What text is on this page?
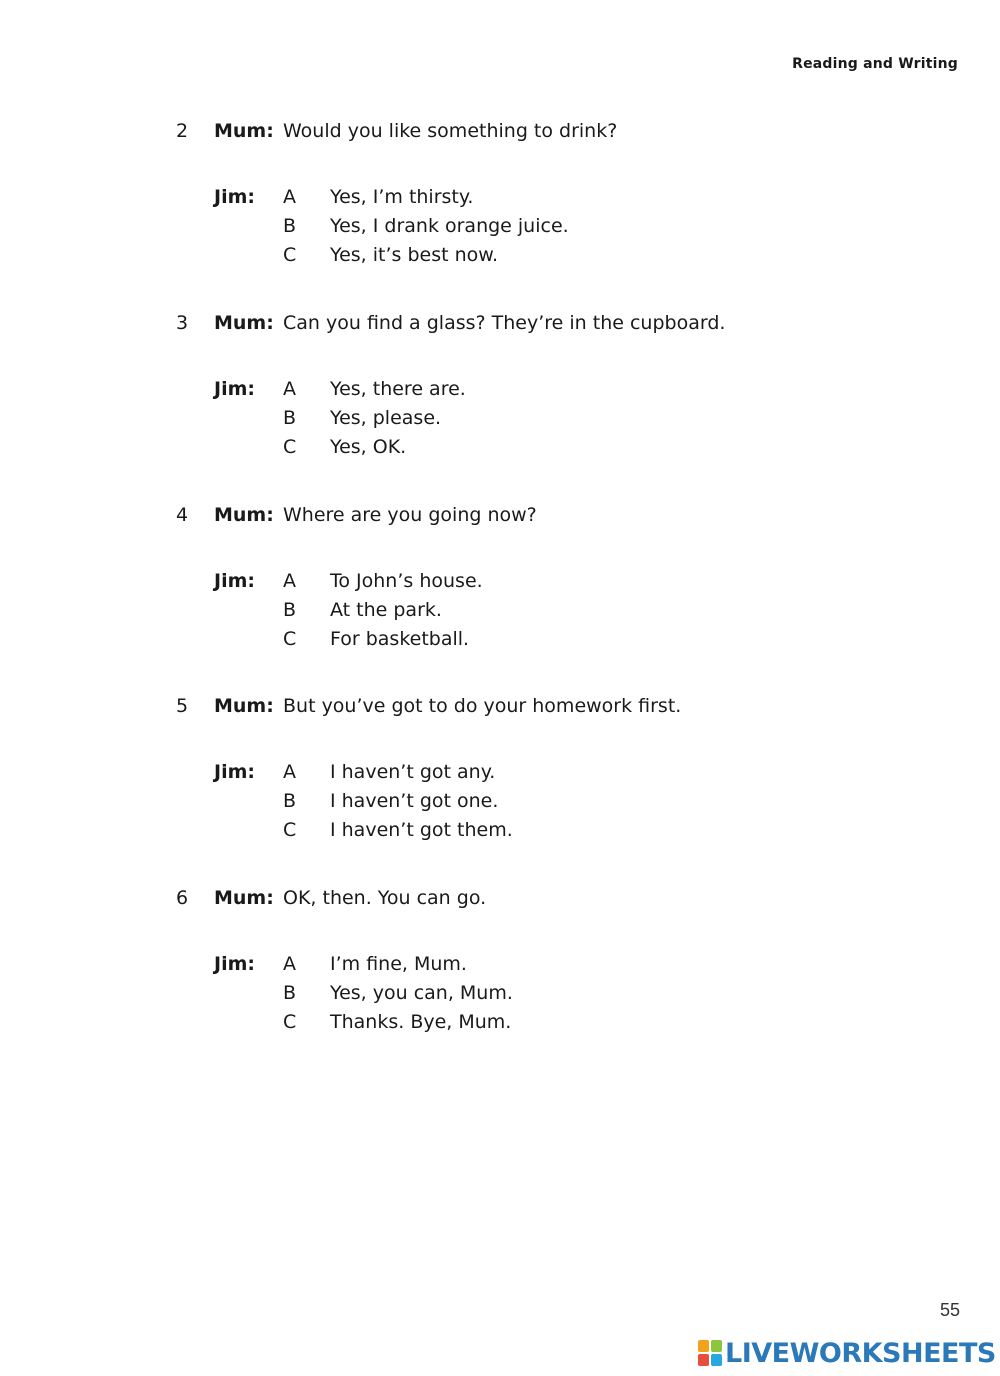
Reading and Writing
2 Mum: Would you like something to drink?
Jim: A Yes, I’m thirsty.
B Yes, I drank orange juice.
C Yes, it’s best now.
3 Mum: Can you find a glass? They’re in the cupboard.
Jim: A Yes, there are.
B Yes, please.
C Yes, OK.
4 Mum: Where are you going now?
Jim: A To John’s house.
B At the park.
C For basketball.
5 Mum: But you’ve got to do your homework first.
Jim: A I haven’t got any.
B I haven’t got one.
C I haven’t got them.
6 Mum: OK, then. You can go.
Jim: A I’m fine, Mum.
B Yes, you can, Mum.
C Thanks. Bye, Mum.
55
LIVEWORKSHEETS
